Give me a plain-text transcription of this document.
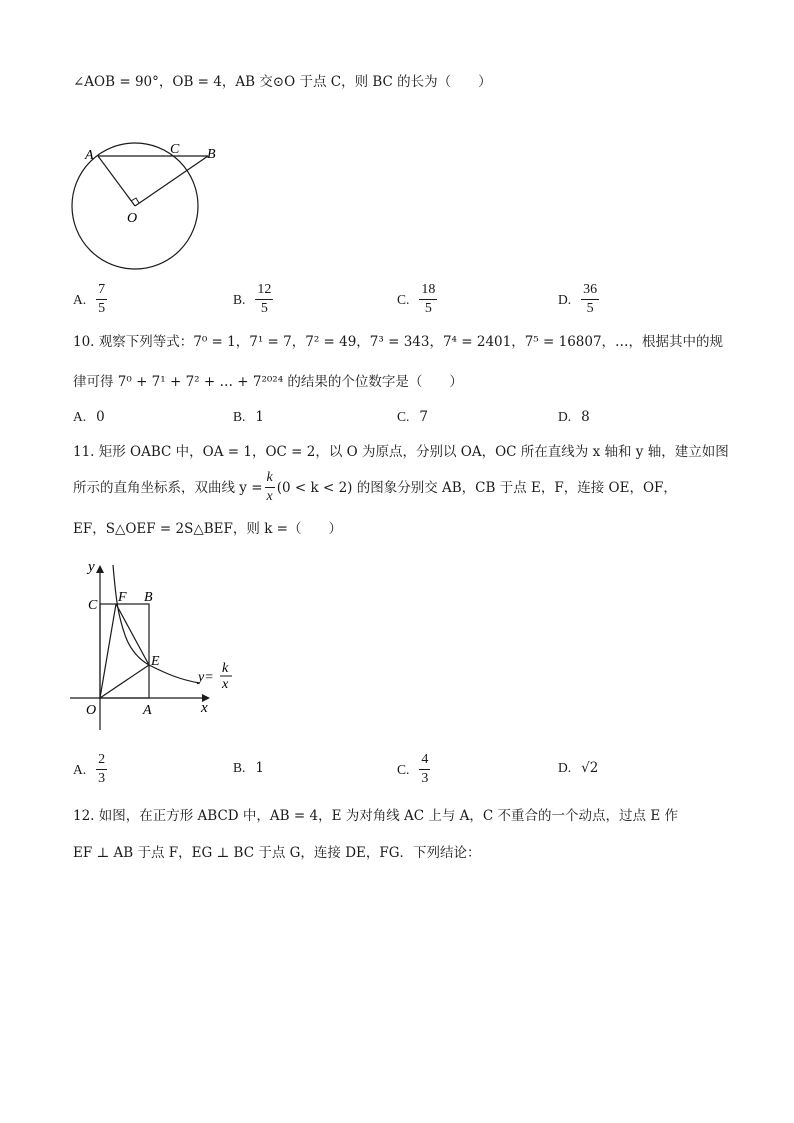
∠AOB = 90°，OB = 4，AB 交⊙O 于点 C，则 BC 的长为（　　）
A	C B
O
A. $\frac{7}{5}$	B. $\frac{12}{5}$	C. $\frac{18}{5}$	D. $\frac{36}{5}$
10. 观察下列等式：7⁰ = 1，7¹ = 7，7² = 49，7³ = 343，7⁴ = 2401，7⁵ = 16807，…，根据其中的规
律可得 7⁰ + 7¹ + 7² + … + 7²⁰²⁴ 的结果的个位数字是（　　）
A. 0	B. 1	C. 7	D. 8
11. 矩形 OABC 中，OA = 1，OC = 2，以 O 为原点，分别以 OA，OC 所在直线为 x 轴和 y 轴，建立如图
所示的直角坐标系，双曲线 $y = \frac{k}{x} (0 < k < 2)$ 的图象分别交 AB，CB 于点 E，F，连接 OE，OF，
EF，S△OEF = 2S△BEF，则 k =（　　）
y
C
F B
E
y=
k
x
O	A	x
A. $\frac{2}{3}$	B. 1	C. $\frac{4}{3}$	D. √2
12. 如图，在正方形 ABCD 中，AB = 4，E 为对角线 AC 上与 A，C 不重合的一个动点，过点 E 作
EF ⊥ AB 于点 F，EG ⊥ BC 于点 G，连接 DE，FG．下列结论：
